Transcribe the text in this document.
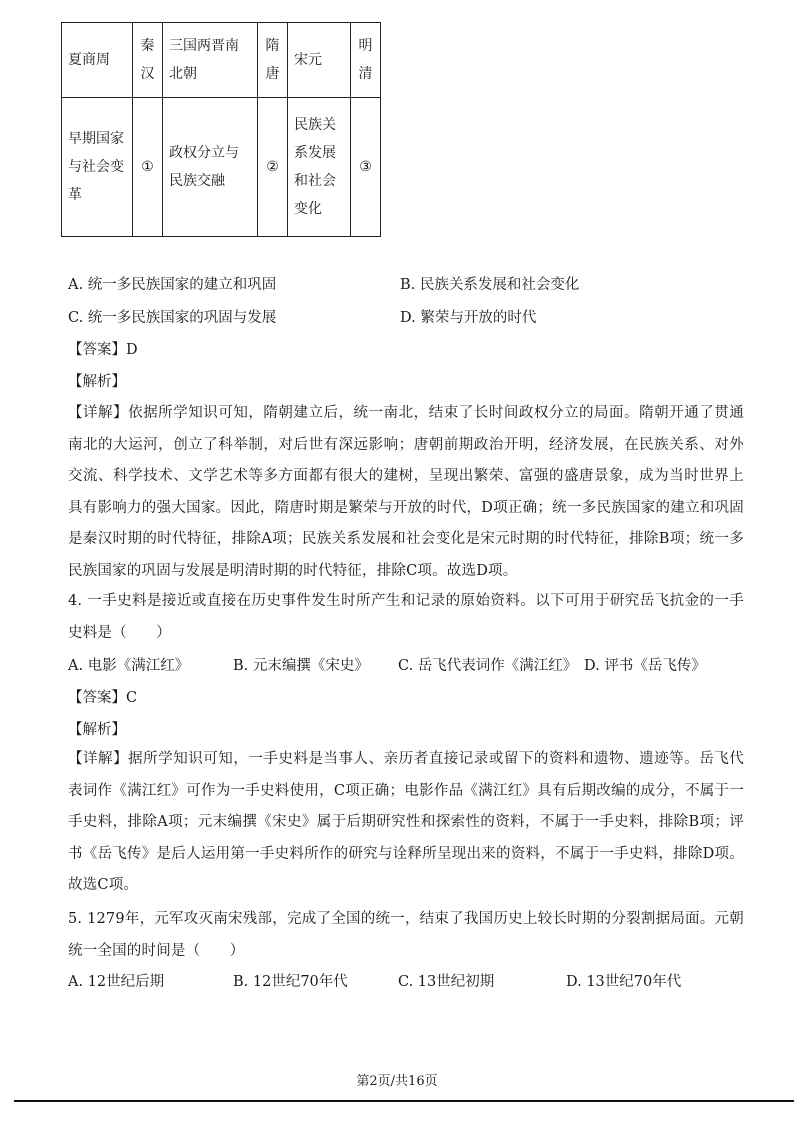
夏商周	秦汉	三国两晋南北朝	隋唐	宋元	明清
早期国家与社会变革	①	政权分立与民族交融	②	民族关系发展和社会变化	③
A. 统一多民族国家的建立和巩固	B. 民族关系发展和社会变化
C. 统一多民族国家的巩固与发展	D. 繁荣与开放的时代
【答案】D
【解析】
【详解】依据所学知识可知，隋朝建立后，统一南北，结束了长时间政权分立的局面。隋朝开通了贯通南北的大运河，创立了科举制，对后世有深远影响；唐朝前期政治开明，经济发展，在民族关系、对外交流、科学技术、文学艺术等多方面都有很大的建树，呈现出繁荣、富强的盛唐景象，成为当时世界上具有影响力的强大国家。因此，隋唐时期是繁荣与开放的时代，D项正确；统一多民族国家的建立和巩固是秦汉时期的时代特征，排除A项；民族关系发展和社会变化是宋元时期的时代特征，排除B项；统一多民族国家的巩固与发展是明清时期的时代特征，排除C项。故选D项。
4. 一手史料是接近或直接在历史事件发生时所产生和记录的原始资料。以下可用于研究岳飞抗金的一手史料是（　　）
A. 电影《满江红》	B. 元末编撰《宋史》 C. 岳飞代表词作《满江红》 D. 评书《岳飞传》
【答案】C
【解析】
【详解】据所学知识可知，一手史料是当事人、亲历者直接记录或留下的资料和遗物、遗迹等。岳飞代表词作《满江红》可作为一手史料使用，C项正确；电影作品《满江红》具有后期改编的成分，不属于一手史料，排除A项；元末编撰《宋史》属于后期研究性和探索性的资料，不属于一手史料，排除B项；评书《岳飞传》是后人运用第一手史料所作的研究与诠释所呈现出来的资料，不属于一手史料，排除D项。故选C项。
5. 1279年，元军攻灭南宋残部，完成了全国的统一，结束了我国历史上较长时期的分裂割据局面。元朝统一全国的时间是（　　）
A. 12世纪后期	B. 12世纪70年代	C. 13世纪初期	D. 13世纪70年代
第2页/共16页
